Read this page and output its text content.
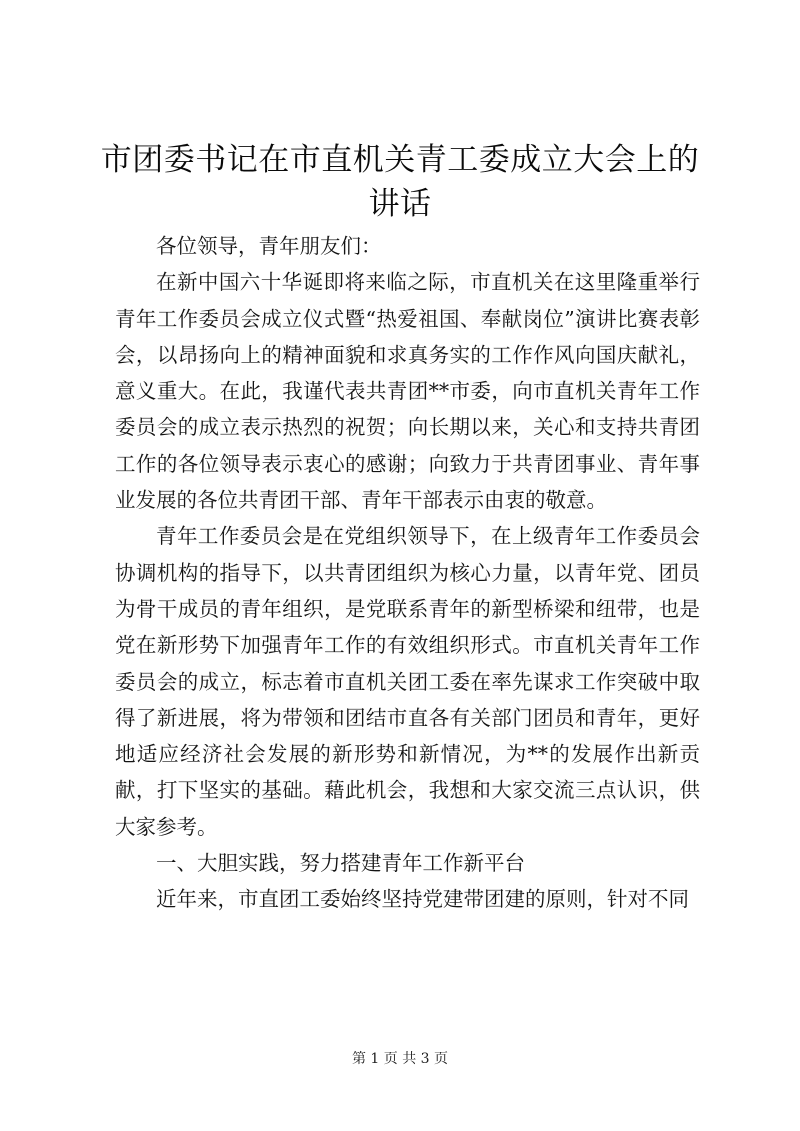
市团委书记在市直机关青工委成立大会上的讲话

各位领导，青年朋友们：

在新中国六十华诞即将来临之际，市直机关在这里隆重举行青年工作委员会成立仪式暨“热爱祖国、奉献岗位”演讲比赛表彰会，以昂扬向上的精神面貌和求真务实的工作作风向国庆献礼，意义重大。在此，我谨代表共青团**市委，向市直机关青年工作委员会的成立表示热烈的祝贺；向长期以来，关心和支持共青团工作的各位领导表示衷心的感谢；向致力于共青团事业、青年事业发展的各位共青团干部、青年干部表示由衷的敬意。

青年工作委员会是在党组织领导下，在上级青年工作委员会协调机构的指导下，以共青团组织为核心力量，以青年党、团员为骨干成员的青年组织，是党联系青年的新型桥梁和纽带，也是党在新形势下加强青年工作的有效组织形式。市直机关青年工作委员会的成立，标志着市直机关团工委在率先谋求工作突破中取得了新进展，将为带领和团结市直各有关部门团员和青年，更好地适应经济社会发展的新形势和新情况，为**的发展作出新贡献，打下坚实的基础。藉此机会，我想和大家交流三点认识，供大家参考。

一、大胆实践，努力搭建青年工作新平台

近年来，市直团工委始终坚持党建带团建的原则，针对不同

第 1 页 共 3 页
